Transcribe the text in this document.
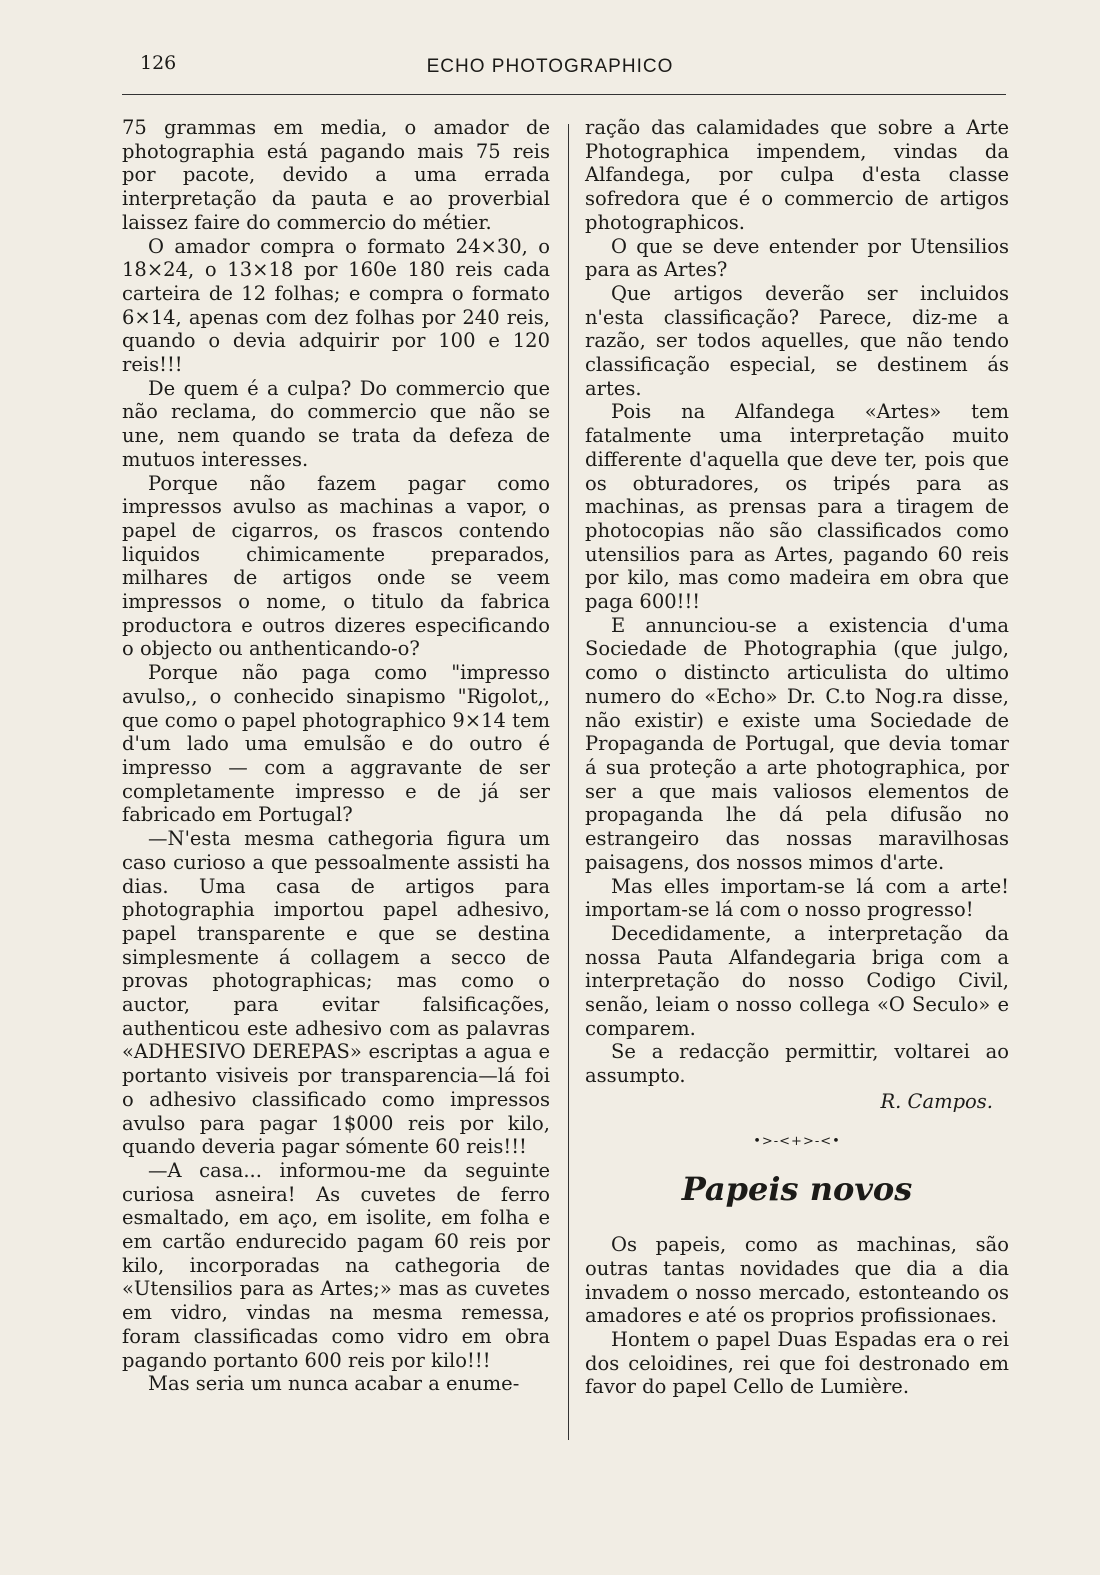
126	ECHO PHOTOGRAPHICO

75 grammas em media, o amador de photographia está pagando mais 75 reis por pacote, devido a uma errada interpretação da pauta e ao proverbial laissez faire do commercio do métier.

O amador compra o formato 24×30, o 18×24, o 13×18 por 160e 180 reis cada carteira de 12 folhas; e compra o formato 6×14, apenas com dez folhas por 240 reis, quando o devia adquirir por 100 e 120 reis!!!

De quem é a culpa? Do commercio que não reclama, do commercio que não se une, nem quando se trata da defeza de mutuos interesses.

Porque não fazem pagar como impressos avulso as machinas a vapor, o papel de cigarros, os frascos contendo liquidos chimicamente preparados, milhares de artigos onde se veem impressos o nome, o titulo da fabrica productora e outros dizeres especificando o objecto ou anthenticando-o?

Porque não paga como "impresso avulso,, o conhecido sinapismo "Rigolot,, que como o papel photographico 9×14 tem d'um lado uma emulsão e do outro é impresso — com a aggravante de ser completamente impresso e de já ser fabricado em Portugal?

—N'esta mesma cathegoria figura um caso curioso a que pessoalmente assisti ha dias. Uma casa de artigos para photographia importou papel adhesivo, papel transparente e que se destina simplesmente á collagem a secco de provas photographicas; mas como o auctor, para evitar falsificações, authenticou este adhesivo com as palavras «ADHESIVO DEREPAS» escriptas a agua e portanto visiveis por transparencia—lá foi o adhesivo classificado como impressos avulso para pagar 1$000 reis por kilo, quando deveria pagar sómente 60 reis!!!

—A casa... informou-me da seguinte curiosa asneira! As cuvetes de ferro esmaltado, em aço, em isolite, em folha e em cartão endurecido pagam 60 reis por kilo, incorporadas na cathegoria de «Utensilios para as Artes;» mas as cuvetes em vidro, vindas na mesma remessa, foram classificadas como vidro em obra pagando portanto 600 reis por kilo!!!

Mas seria um nunca acabar a enume-

ração das calamidades que sobre a Arte Photographica impendem, vindas da Alfandega, por culpa d'esta classe sofredora que é o commercio de artigos photographicos.

O que se deve entender por Utensilios para as Artes?

Que artigos deverão ser incluidos n'esta classificação? Parece, diz-me a razão, ser todos aquelles, que não tendo classificação especial, se destinem ás artes.

Pois na Alfandega «Artes» tem fatalmente uma interpretação muito differente d'aquella que deve ter, pois que os obturadores, os tripés para as machinas, as prensas para a tiragem de photocopias não são classificados como utensilios para as Artes, pagando 60 reis por kilo, mas como madeira em obra que paga 600!!!

E annunciou-se a existencia d'uma Sociedade de Photographia (que julgo, como o distincto articulista do ultimo numero do «Echo» Dr. C.to Nog.ra disse, não existir) e existe uma Sociedade de Propaganda de Portugal, que devia tomar á sua proteção a arte photographica, por ser a que mais valiosos elementos de propaganda lhe dá pela difusão no estrangeiro das nossas maravilhosas paisagens, dos nossos mimos d'arte.

Mas elles importam-se lá com a arte! importam-se lá com o nosso progresso!

Decedidamente, a interpretação da nossa Pauta Alfandegaria briga com a interpretação do nosso Codigo Civil, senão, leiam o nosso collega «O Seculo» e comparem.

Se a redacção permittir, voltarei ao assumpto.

R. Campos.
•>-<+>-<•
Papeis novos

Os papeis, como as machinas, são outras tantas novidades que dia a dia invadem o nosso mercado, estonteando os amadores e até os proprios profissionaes.

Hontem o papel Duas Espadas era o rei dos celoidines, rei que foi destronado em favor do papel Cello de Lumière.
